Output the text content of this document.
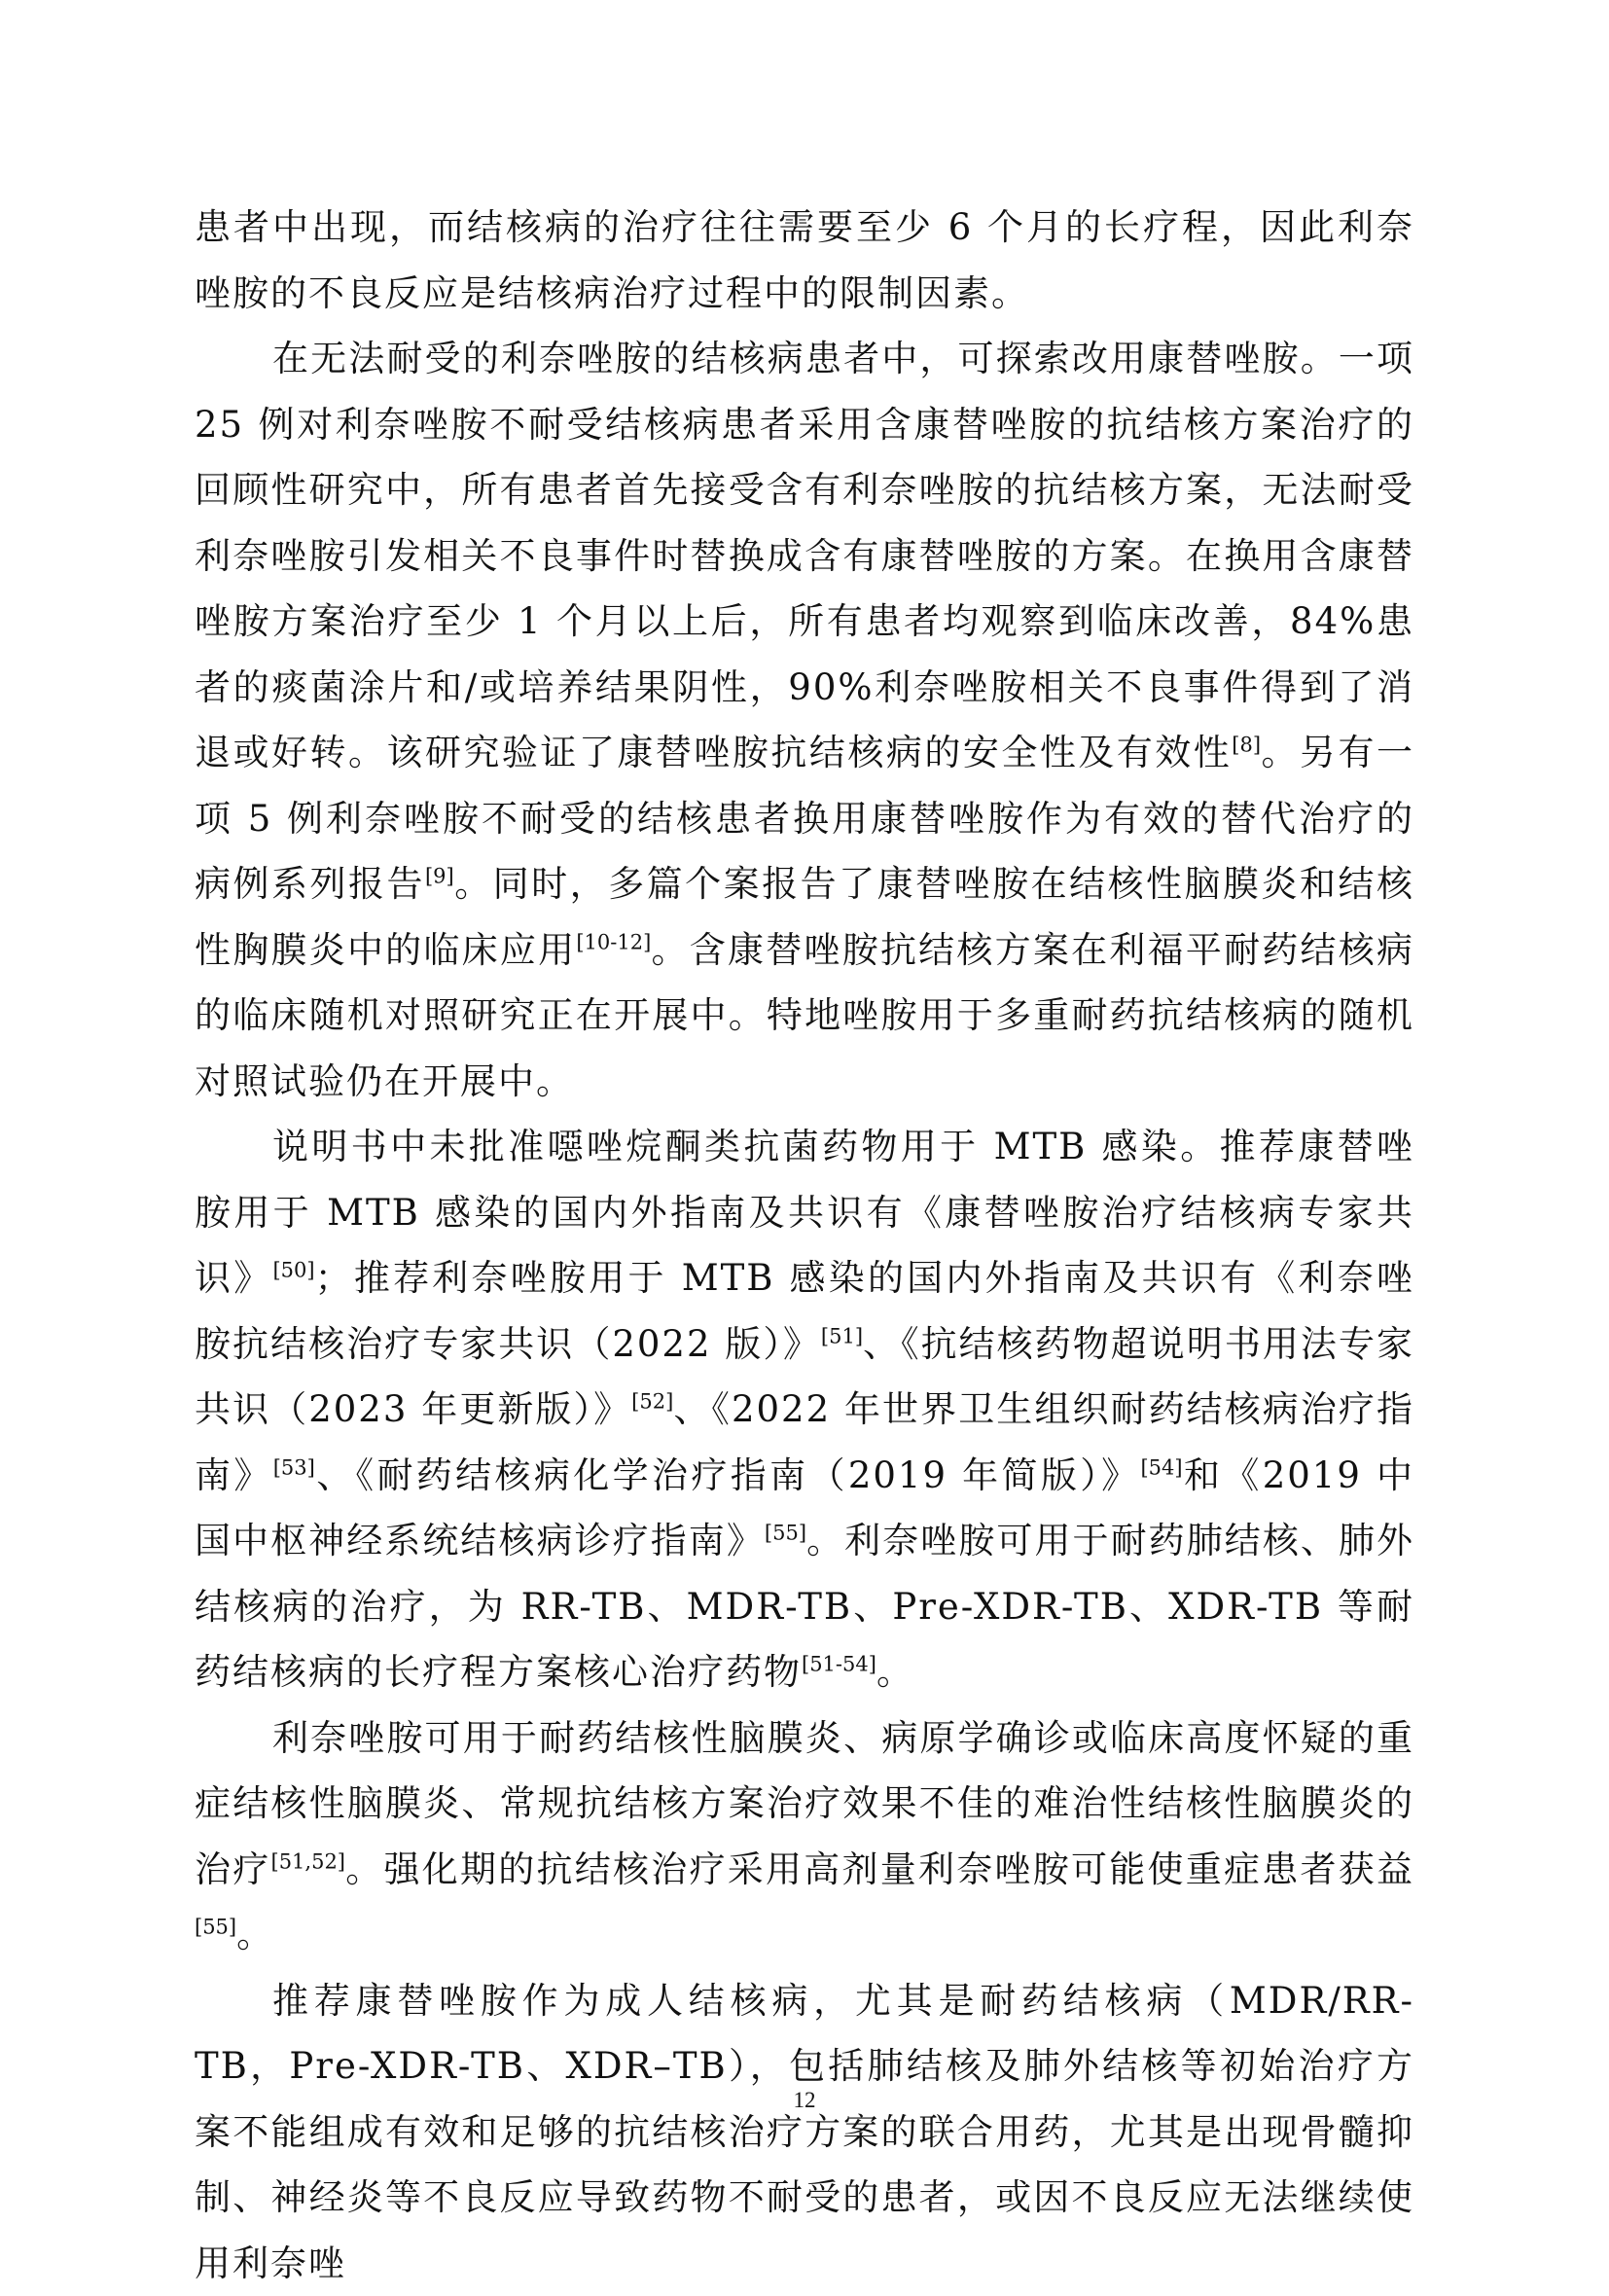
患者中出现，而结核病的治疗往往需要至少 6 个月的长疗程，因此利奈唑胺的不良反应是结核病治疗过程中的限制因素。

在无法耐受的利奈唑胺的结核病患者中，可探索改用康替唑胺。一项 25 例对利奈唑胺不耐受结核病患者采用含康替唑胺的抗结核方案治疗的回顾性研究中，所有患者首先接受含有利奈唑胺的抗结核方案，无法耐受利奈唑胺引发相关不良事件时替换成含有康替唑胺的方案。在换用含康替唑胺方案治疗至少 1 个月以上后，所有患者均观察到临床改善，84%患者的痰菌涂片和/或培养结果阴性，90%利奈唑胺相关不良事件得到了消退或好转。该研究验证了康替唑胺抗结核病的安全性及有效性[8]。另有一项 5 例利奈唑胺不耐受的结核患者换用康替唑胺作为有效的替代治疗的病例系列报告[9]。同时，多篇个案报告了康替唑胺在结核性脑膜炎和结核性胸膜炎中的临床应用[10-12]。含康替唑胺抗结核方案在利福平耐药结核病的临床随机对照研究正在开展中。特地唑胺用于多重耐药抗结核病的随机对照试验仍在开展中。

说明书中未批准噁唑烷酮类抗菌药物用于 MTB 感染。推荐康替唑胺用于 MTB 感染的国内外指南及共识有《康替唑胺治疗结核病专家共识》[50]；推荐利奈唑胺用于 MTB 感染的国内外指南及共识有《利奈唑胺抗结核治疗专家共识（2022 版）》[51]、《抗结核药物超说明书用法专家共识（2023 年更新版）》[52]、《2022 年世界卫生组织耐药结核病治疗指南》[53]、《耐药结核病化学治疗指南（2019 年简版）》[54]和《2019 中国中枢神经系统结核病诊疗指南》[55]。利奈唑胺可用于耐药肺结核、肺外结核病的治疗，为 RR-TB、MDR-TB、Pre-XDR-TB、XDR-TB 等耐药结核病的长疗程方案核心治疗药物[51-54]。

利奈唑胺可用于耐药结核性脑膜炎、病原学确诊或临床高度怀疑的重症结核性脑膜炎、常规抗结核方案治疗效果不佳的难治性结核性脑膜炎的治疗[51,52]。强化期的抗结核治疗采用高剂量利奈唑胺可能使重症患者获益[55]。

推荐康替唑胺作为成人结核病，尤其是耐药结核病（MDR/RR-TB，Pre-XDR-TB、XDR–TB），包括肺结核及肺外结核等初始治疗方案不能组成有效和足够的抗结核治疗方案的联合用药，尤其是出现骨髓抑制、神经炎等不良反应导致药物不耐受的患者，或因不良反应无法继续使用利奈唑

12
